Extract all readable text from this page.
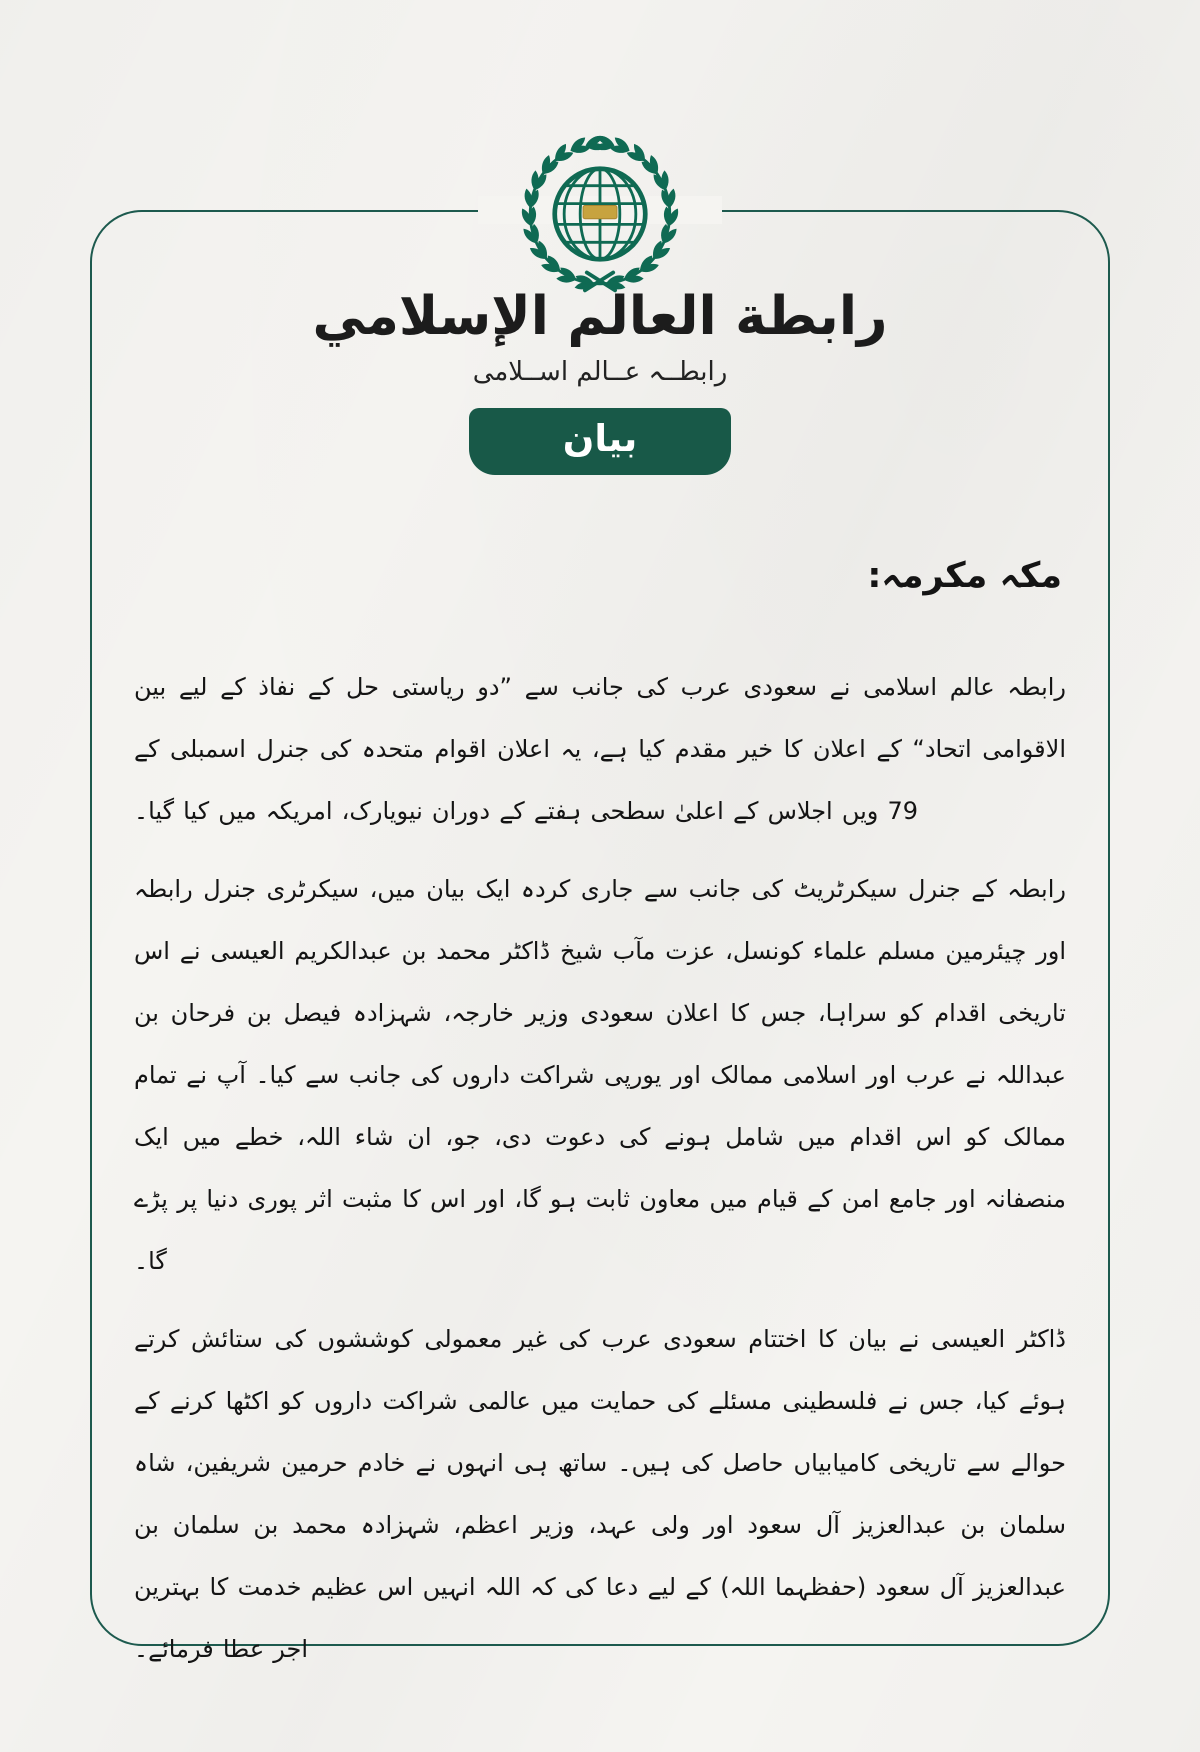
رابطة العالم الإسلامي
رابطــہ عــالم اســلامی
بيان
مکہ مکرمہ:

رابطہ عالم اسلامی نے سعودی عرب کی جانب سے ”دو ریاستی حل کے نفاذ کے لیے بین الاقوامی اتحاد“ کے اعلان کا خیر مقدم کیا ہے، یہ اعلان اقوام متحدہ کی جنرل اسمبلی کے 79 ویں اجلاس کے اعلیٰ سطحی ہفتے کے دوران نیویارک، امریکہ میں کیا گیا۔

رابطہ کے جنرل سیکرٹریٹ کی جانب سے جاری کردہ ایک بیان میں، سیکرٹری جنرل رابطہ اور چیئرمین مسلم علماء کونسل، عزت مآب شیخ ڈاکٹر محمد بن عبدالکریم العیسی نے اس تاریخی اقدام کو سراہا، جس کا اعلان سعودی وزیر خارجہ، شہزادہ فیصل بن فرحان بن عبداللہ نے عرب اور اسلامی ممالک اور یورپی شراکت داروں کی جانب سے کیا۔ آپ نے تمام ممالک کو اس اقدام میں شامل ہونے کی دعوت دی، جو، ان شاء اللہ، خطے میں ایک منصفانہ اور جامع امن کے قیام میں معاون ثابت ہو گا، اور اس کا مثبت اثر پوری دنیا پر پڑے گا۔

ڈاکٹر العیسی نے بیان کا اختتام سعودی عرب کی غیر معمولی کوششوں کی ستائش کرتے ہوئے کیا، جس نے فلسطینی مسئلے کی حمایت میں عالمی شراکت داروں کو اکٹھا کرنے کے حوالے سے تاریخی کامیابیاں حاصل کی ہیں۔ ساتھ ہی انہوں نے خادم حرمین شریفین، شاہ سلمان بن عبدالعزیز آل سعود اور ولی عہد، وزیر اعظم، شہزادہ محمد بن سلمان بن عبدالعزیز آل سعود (حفظہما اللہ) کے لیے دعا کی کہ اللہ انہیں اس عظیم خدمت کا بہترین اجر عطا فرمائے۔
